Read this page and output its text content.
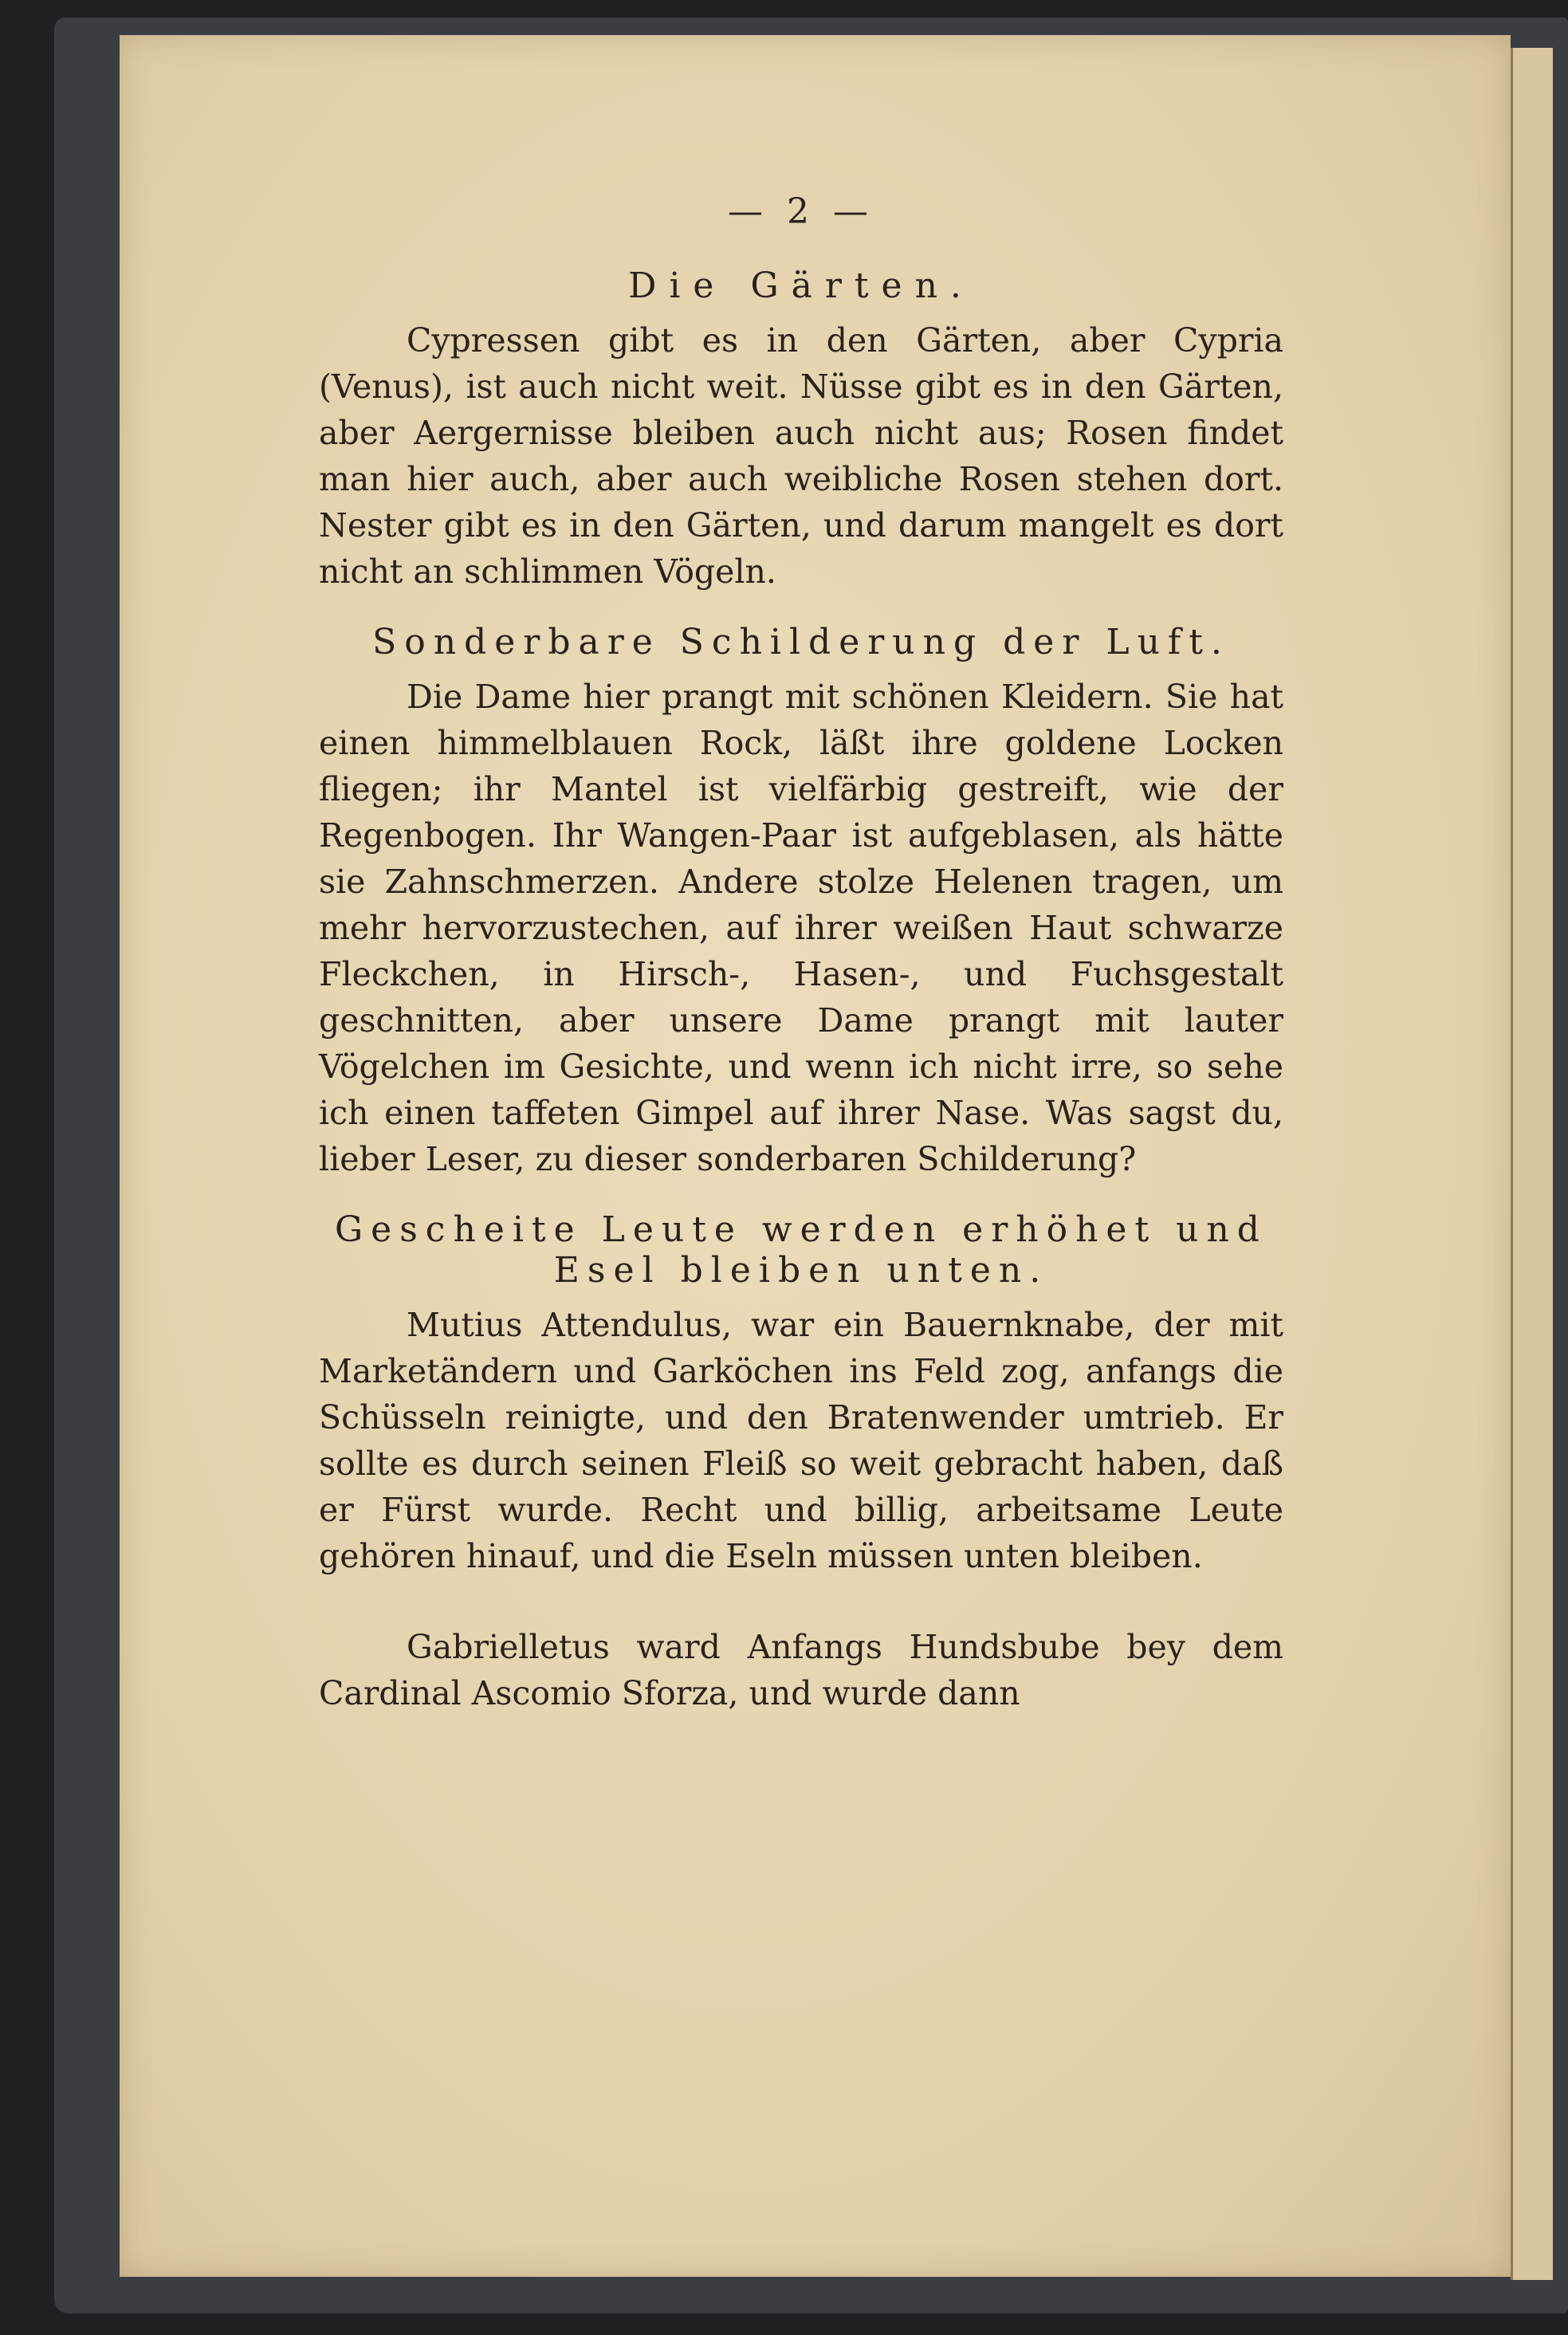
— 2 —
Die Gärten.

Cypressen gibt es in den Gärten, aber Cypria (Venus), ist auch nicht weit. Nüsse gibt es in den Gärten, aber Aergernisse bleiben auch nicht aus; Rosen findet man hier auch, aber auch weibliche Rosen stehen dort. Nester gibt es in den Gärten, und darum mangelt es dort nicht an schlimmen Vögeln.

Sonderbare Schilderung der Luft.

Die Dame hier prangt mit schönen Kleidern. Sie hat einen himmelblauen Rock, läßt ihre goldene Locken fliegen; ihr Mantel ist vielfärbig gestreift, wie der Regenbogen. Ihr Wangen-Paar ist aufgeblasen, als hätte sie Zahnschmerzen. Andere stolze Helenen tragen, um mehr hervorzustechen, auf ihrer weißen Haut schwarze Fleckchen, in Hirsch-, Hasen-, und Fuchsgestalt geschnitten, aber unsere Dame prangt mit lauter Vögelchen im Gesichte, und wenn ich nicht irre, so sehe ich einen taffeten Gimpel auf ihrer Nase. Was sagst du, lieber Leser, zu dieser sonderbaren Schilderung?

Gescheite Leute werden erhöhet und Esel bleiben unten.

Mutius Attendulus, war ein Bauernknabe, der mit Marketändern und Garköchen ins Feld zog, anfangs die Schüsseln reinigte, und den Bratenwender umtrieb. Er sollte es durch seinen Fleiß so weit gebracht haben, daß er Fürst wurde. Recht und billig, arbeitsame Leute gehören hinauf, und die Eseln müssen unten bleiben.

Gabrielletus ward Anfangs Hundsbube bey dem Cardinal Ascomio Sforza, und wurde dann
